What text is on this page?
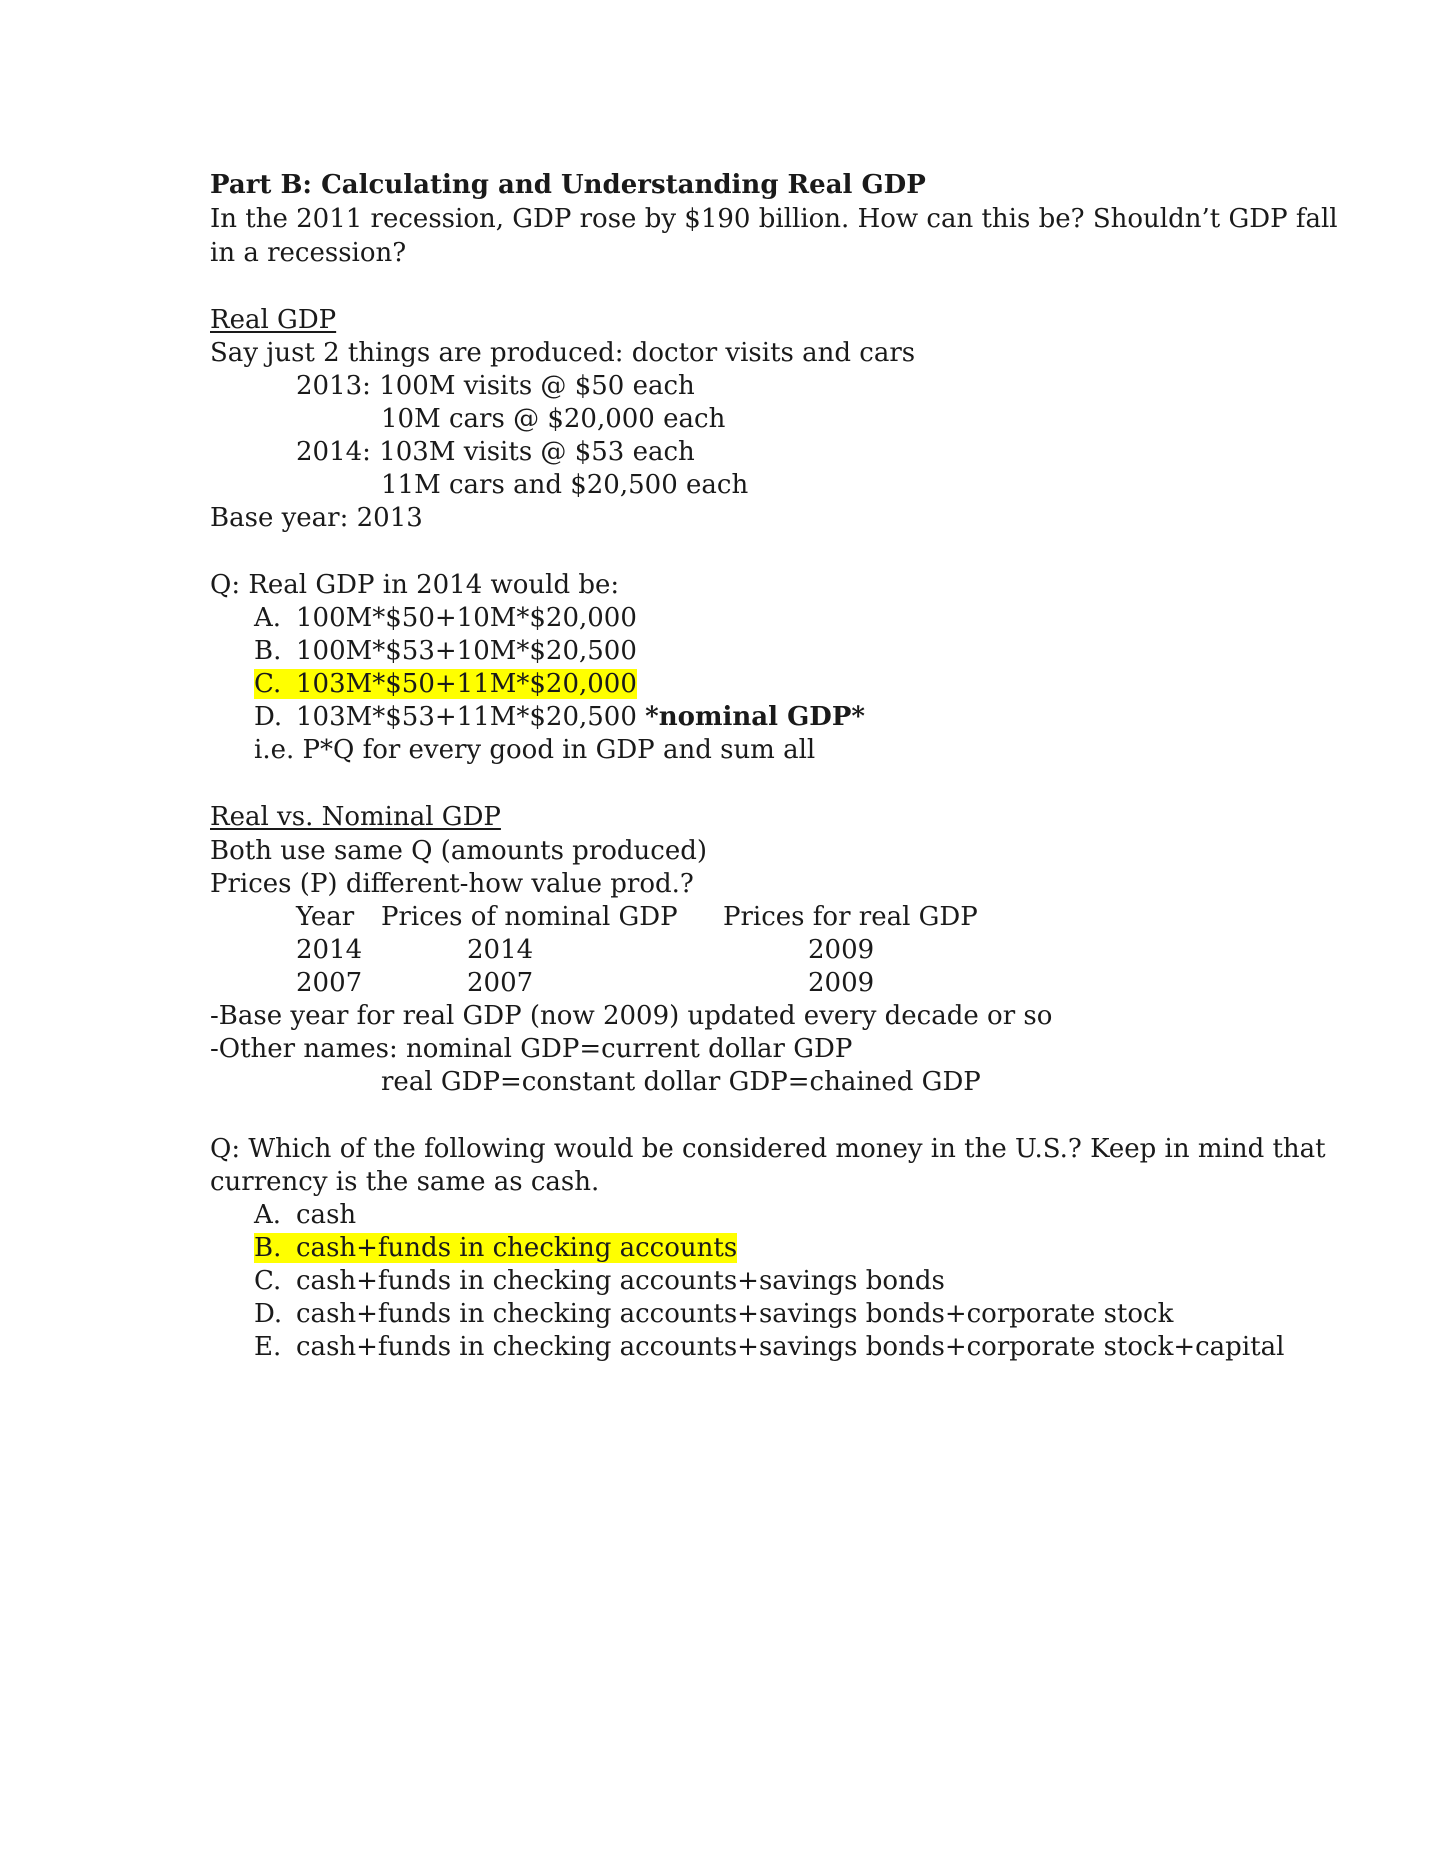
Part B: Calculating and Understanding Real GDP
In the 2011 recession, GDP rose by $190 billion. How can this be? Shouldn’t GDP fall
in a recession?
Real GDP
Say just 2 things are produced: doctor visits and cars
2013: 100M visits @ $50 each
10M cars @ $20,000 each
2014: 103M visits @ $53 each
11M cars and $20,500 each
Base year: 2013
Q: Real GDP in 2014 would be:
A. 100M*$50+10M*$20,000
B. 100M*$53+10M*$20,500
C. 103M*$50+11M*$20,000
D. 103M*$53+11M*$20,500 *nominal GDP*
i.e. P*Q for every good in GDP and sum all
Real vs. Nominal GDP
Both use same Q (amounts produced)
Prices (P) different-how value prod.?
Year Prices of nominal GDP Prices for real GDP
2014	2014	2009
2007	2007	2009
-Base year for real GDP (now 2009) updated every decade or so
-Other names: nominal GDP=current dollar GDP
real GDP=constant dollar GDP=chained GDP
Q: Which of the following would be considered money in the U.S.? Keep in mind that
currency is the same as cash.
A. cash
B. cash+funds in checking accounts
C. cash+funds in checking accounts+savings bonds
D. cash+funds in checking accounts+savings bonds+corporate stock
E. cash+funds in checking accounts+savings bonds+corporate stock+capital
